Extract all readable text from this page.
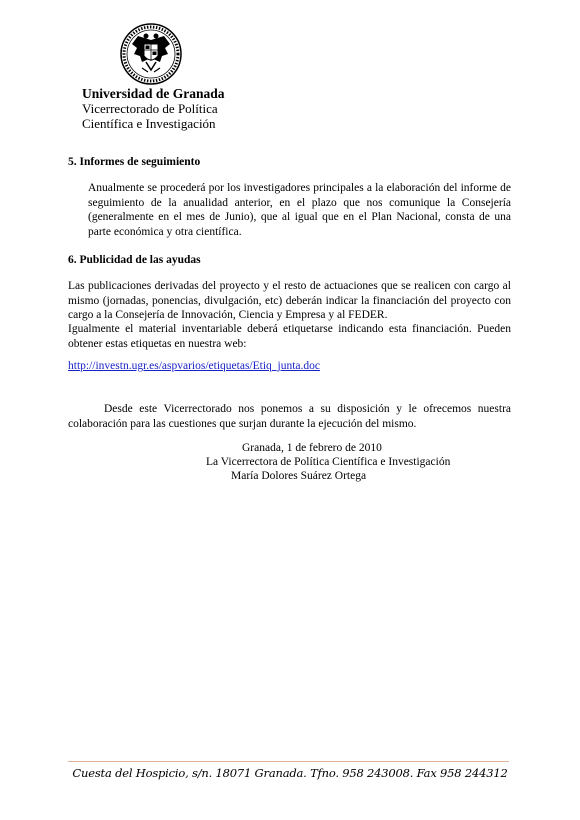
Universidad de Granada
Vicerrectorado de Política
Científica e Investigación
5. Informes de seguimiento
Anualmente se procederá por los investigadores principales a la elaboración del informe de seguimiento de la anualidad anterior, en el plazo que nos comunique la Consejería (generalmente en el mes de Junio), que al igual que en el Plan Nacional, consta de una parte económica y otra científica.
6. Publicidad de las ayudas
Las publicaciones derivadas del proyecto y el resto de actuaciones que se realicen con cargo al mismo (jornadas, ponencias, divulgación, etc) deberán indicar la financiación del proyecto con cargo a la Consejería de Innovación, Ciencia y Empresa y al FEDER.
Igualmente el material inventariable deberá etiquetarse indicando esta financiación. Pueden obtener estas etiquetas en nuestra web:
http://investn.ugr.es/aspvarios/etiquetas/Etiq_junta.doc
Desde este Vicerrectorado nos ponemos a su disposición y le ofrecemos nuestra colaboración para las cuestiones que surjan durante la ejecución del mismo.
Granada, 1 de febrero de 2010
La Vicerrectora de Política Científica e Investigación
María Dolores Suárez Ortega
Cuesta del Hospicio, s/n. 18071 Granada. Tfno. 958 243008. Fax 958 244312
